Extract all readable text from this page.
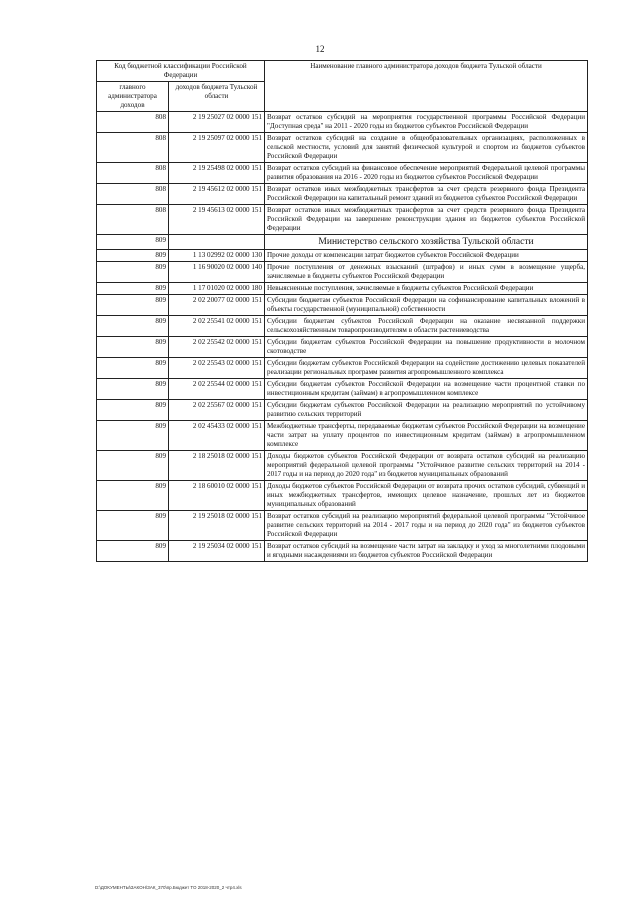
12
Код бюджетной классификации Российской Федерации		Наименование главного администратора доходов бюджета Тульской области
главного администратора доходов	доходов бюджета Тульской области	
808	2 19 25027 02 0000 151	Возврат остатков субсидий на мероприятия государственной программы Российской Федерации "Доступная среда" на 2011 - 2020 годы из бюджетов субъектов Российской Федерации
808	2 19 25097 02 0000 151	Возврат остатков субсидий на создание в общеобразовательных организациях, расположенных в сельской местности, условий для занятий физической культурой и спортом из бюджетов субъектов Российской Федерации
808	2 19 25498 02 0000 151	Возврат остатков субсидий на финансовое обеспечение мероприятий Федеральной целевой программы развития образования на 2016 - 2020 годы из бюджетов субъектов Российской Федерации
808	2 19 45612 02 0000 151	Возврат остатков иных межбюджетных трансфертов за счет средств резервного фонда Президента Российской Федерации на капитальный ремонт зданий из бюджетов субъектов Российской Федерации
808	2 19 45613 02 0000 151	Возврат остатков иных межбюджетных трансфертов за счет средств резервного фонда Президента Российской Федерации на завершение реконструкции здания из бюджетов субъектов Российской Федерации
809		Министерство сельского хозяйства Тульской области
809	1 13 02992 02 0000 130	Прочие доходы от компенсации затрат бюджетов субъектов Российской Федерации
809	1 16 90020 02 0000 140	Прочие поступления от денежных взысканий (штрафов) и иных сумм в возмещение ущерба, зачисляемые в бюджеты субъектов Российской Федерации
809	1 17 01020 02 0000 180	Невыясненные поступления, зачисляемые в бюджеты субъектов Российской Федерации
809	2 02 20077 02 0000 151	Субсидии бюджетам субъектов Российской Федерации на софинансирование капитальных вложений в объекты государственной (муниципальной) собственности
809	2 02 25541 02 0000 151	Субсидии бюджетам субъектов Российской Федерации на оказание несвязанной поддержки сельскохозяйственным товаропроизводителям в области растениеводства
809	2 02 25542 02 0000 151	Субсидии бюджетам субъектов Российской Федерации на повышение продуктивности в молочном скотоводстве
809	2 02 25543 02 0000 151	Субсидии бюджетам субъектов Российской Федерации на содействие достижению целевых показателей реализации региональных программ развития агропромышленного комплекса
809	2 02 25544 02 0000 151	Субсидии бюджетам субъектов Российской Федерации на возмещение части процентной ставки по инвестиционным кредитам (займам) в агропромышленном комплексе
809	2 02 25567 02 0000 151	Субсидии бюджетам субъектов Российской Федерации на реализацию мероприятий по устойчивому развитию сельских территорий
809	2 02 45433 02 0000 151	Межбюджетные трансферты, передаваемые бюджетам субъектов Российской Федерации на возмещение части затрат на уплату процентов по инвестиционным кредитам (займам) в агропромышленном комплексе
809	2 18 25018 02 0000 151	Доходы бюджетов субъектов Российской Федерации от возврата остатков субсидий на реализацию мероприятий федеральной целевой программы "Устойчивое развитие сельских территорий на 2014 - 2017 годы и на период до 2020 года" из бюджетов муниципальных образований
809	2 18 60010 02 0000 151	Доходы бюджетов субъектов Российской Федерации от возврата прочих остатков субсидий, субвенций и иных межбюджетных трансфертов, имеющих целевое назначение, прошлых лет из бюджетов муниципальных образований
809	2 19 25018 02 0000 151	Возврат остатков субсидий на реализацию мероприятий федеральной целевой программы "Устойчивое развитие сельских территорий на 2014 - 2017 годы и на период до 2020 года" из бюджетов субъектов Российской Федерации
809	2 19 25034 02 0000 151	Возврат остатков субсидий на возмещение части затрат на закладку и уход за многолетними плодовыми и ягодными насаждениями из бюджетов субъектов Российской Федерации
D:\ДОКУМЕНТЫ\ЗАКОН\ЗАК_370\пр.Бюджет ТО 2018-2020_2 чтр4.xls
